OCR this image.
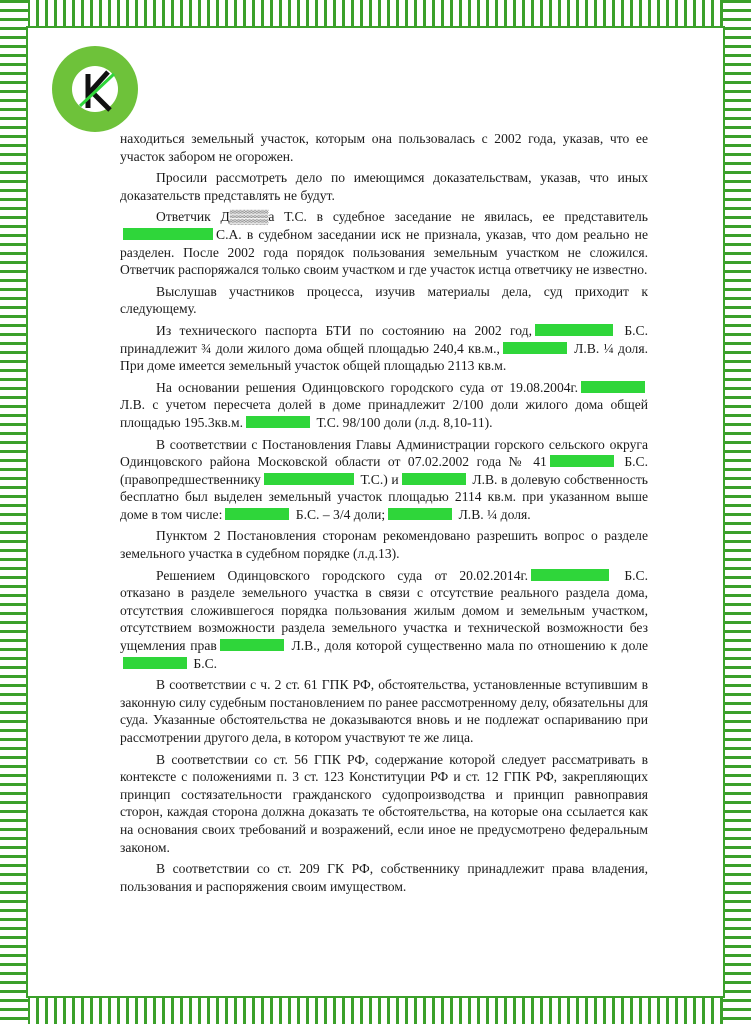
находиться земельный участок, которым она пользовалась с 2002 года, указав, что ее участок забором не огорожен.

Просили рассмотреть дело по имеющимся доказательствам, указав, что иных доказательств представлять не будут.

Ответчик Д▒▒▒▒а Т.С. в судебное заседание не явилась, ее представительС.А. в судебном заседании иск не признала, указав, что дом реально не разделен. После 2002 года порядок пользования земельным участком не сложился. Ответчик распоряжался только своим участком и где участок истца ответчику не известно.

Выслушав участников процесса, изучив материалы дела, суд приходит к следующему.

Из технического паспорта БТИ по состоянию на 2002 год,	Б.С. принадлежит ¾ доли жилого дома общей площадью 240,4 кв.м.,	Л.В. ¼ доля. При доме имеется земельный участок общей площадью 2113 кв.м.

На основании решения Одинцовского городского суда от 19.08.2004г. Л.В. с учетом пересчета долей в доме принадлежит 2/100 доли жилого дома общей площадью 195.3кв.м.	Т.С. 98/100 доли (л.д. 8,10-11).

В соответствии с Постановления Главы Администрации горского сельского округа Одинцовского района Московской области от 07.02.2002 года № 41	Б.С. (правопредшественнику	Т.С.) и	Л.В. в долевую собственность бесплатно был выделен земельный участок площадью 2114 кв.м. при указанном выше доме в том числе:	Б.С. – 3/4 доли;	Л.В. ¼ доля.

Пунктом 2 Постановления сторонам рекомендовано разрешить вопрос о разделе земельного участка в судебном порядке (л.д.13).

Решением Одинцовского городского суда от 20.02.2014г.	Б.С. отказано в разделе земельного участка в связи с отсутствие реального раздела дома, отсутствия сложившегося порядка пользования жилым домом и земельным участком, отсутствием возможности раздела земельного участка и технической возможности без ущемления прав	Л.В., доля которой существенно мала по отношению к доле Б.С.

В соответствии с ч. 2 ст. 61 ГПК РФ, обстоятельства, установленные вступившим в законную силу судебным постановлением по ранее рассмотренному делу, обязательны для суда. Указанные обстоятельства не доказываются вновь и не подлежат оспариванию при рассмотрении другого дела, в котором участвуют те же лица.

В соответствии со ст. 56 ГПК РФ, содержание которой следует рассматривать в контексте с положениями п. 3 ст. 123 Конституции РФ и ст. 12 ГПК РФ, закрепляющих принцип состязательности гражданского судопроизводства и принцип равноправия сторон, каждая сторона должна доказать те обстоятельства, на которые она ссылается как на основания своих требований и возражений, если иное не предусмотрено федеральным законом.

В соответствии со ст. 209 ГК РФ, собственнику принадлежит права владения, пользования и распоряжения своим имуществом.
